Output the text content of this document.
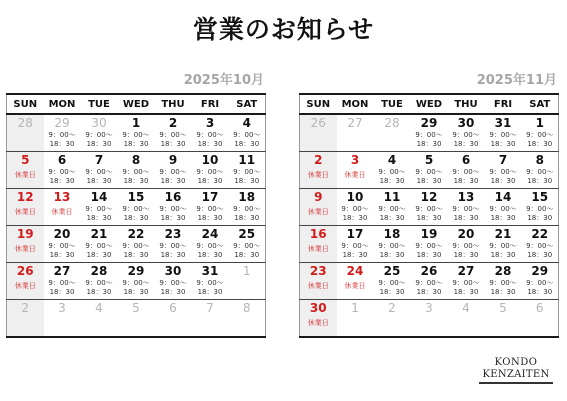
営業のお知らせ
2025年10月
SUN	MON	TUE	WED	THU	FRI	SAT

28	29
9：00～
18：30	30
9：00～
18：30	1
9：00～
18：30	2
9：00～
18：30	3
9：00～
18：30	4
9：00～
18：30

5
休業日	6
9：00～
18：30	7
9：00～
18：30	8
9：00～
18：30	9
9：00～
18：30	10
9：00～
18：30	11
9：00～
18：30

12
休業日	13
休業日	14
9：00～
18：30	15
9：00～
18：30	16
9：00～
18：30	17
9：00～
18：30	18
9：00～
18：30

19
休業日	20
9：00～
18：30	21
9：00～
18：30	22
9：00～
18：30	23
9：00～
18：30	24
9：00～
18：30	25
9：00～
18：30

26
休業日	27
9：00～
18：30	28
9：00～
18：30	29
9：00～
18：30	30
9：00～
18：30	31
9：00～
18：30	1

2	3	4	5	6	7	8
2025年11月
SUN	MON	TUE	WED	THU	FRI	SAT

26	27	28	29
9：00～
18：30	30
9：00～
18：30	31
9：00～
18：30	1
9：00～
18：30

2
休業日	3
休業日	4
9：00～
18：30	5
9：00～
18：30	6
9：00～
18：30	7
9：00～
18：30	8
9：00～
18：30

9
休業日	10
9：00～
18：30	11
9：00～
18：30	12
9：00～
18：30	13
9：00～
18：30	14
9：00～
18：30	15
9：00～
18：30

16
休業日	17
9：00～
18：30	18
9：00～
18：30	19
9：00～
18：30	20
9：00～
18：30	21
9：00～
18：30	22
9：00～
18：30

23
休業日	24
休業日	25
9：00～
18：30	26
9：00～
18：30	27
9：00～
18：30	28
9：00～
18：30	29
9：00～
18：30

30
休業日	1	2	3	4	5	6
KONDO
KENZAITEN
